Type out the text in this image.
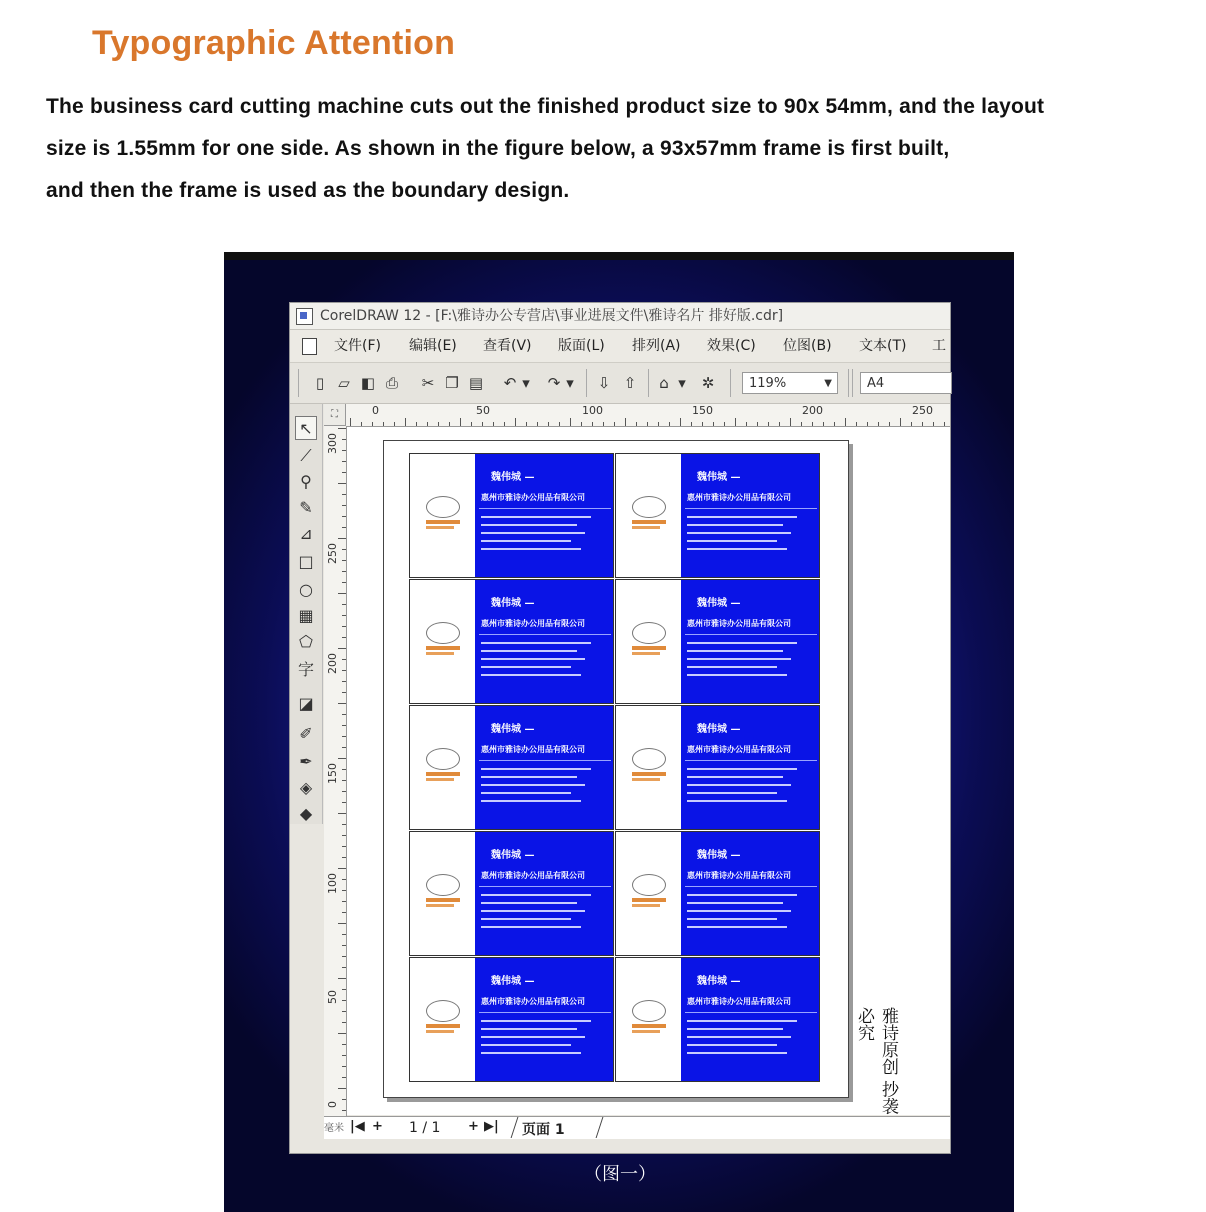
Typographic Attention
The business card cutting machine cuts out the finished product size to 90x 54mm, and the layout
size is 1.55mm for one side. As shown in the figure below, a 93x57mm frame is first built,
and then the frame is used as the boundary design.
CorelDRAW 12 - [F:\雅诗办公专营店\事业进展文件\雅诗名片 排好版.cdr]
文件(F) 编辑(E) 查看(V) 版面(L) 排列(A) 效果(C) 位图(B) 文本(T) 工
▯ ▱ ◧ ⎙ ✂ ❐ ▤ ↶ ▾ ↷ ▾ ⇩ ⇧ ⌂ ▾ ✲	119%	▼	A4
↖
⟋
⚲
✎
⊿
□
○
▦
⬠
字
◪
✐
✒
◈
◆
⛶	0	50	100	150	200	250
300
250
200
150
100
50
0
魏伟城 —
惠州市雅诗办公用品有限公司
魏伟城 —
惠州市雅诗办公用品有限公司
魏伟城 —
惠州市雅诗办公用品有限公司
魏伟城 —
惠州市雅诗办公用品有限公司
魏伟城 —
惠州市雅诗办公用品有限公司
魏伟城 —
惠州市雅诗办公用品有限公司
魏伟城 —
惠州市雅诗办公用品有限公司
魏伟城 —
惠州市雅诗办公用品有限公司
魏伟城 —
惠州市雅诗办公用品有限公司
魏伟城 —
惠州市雅诗办公用品有限公司
雅诗原创 抄袭必究
毫米 |◀ + 1 / 1 + ▶| 页面 1
（图一）
